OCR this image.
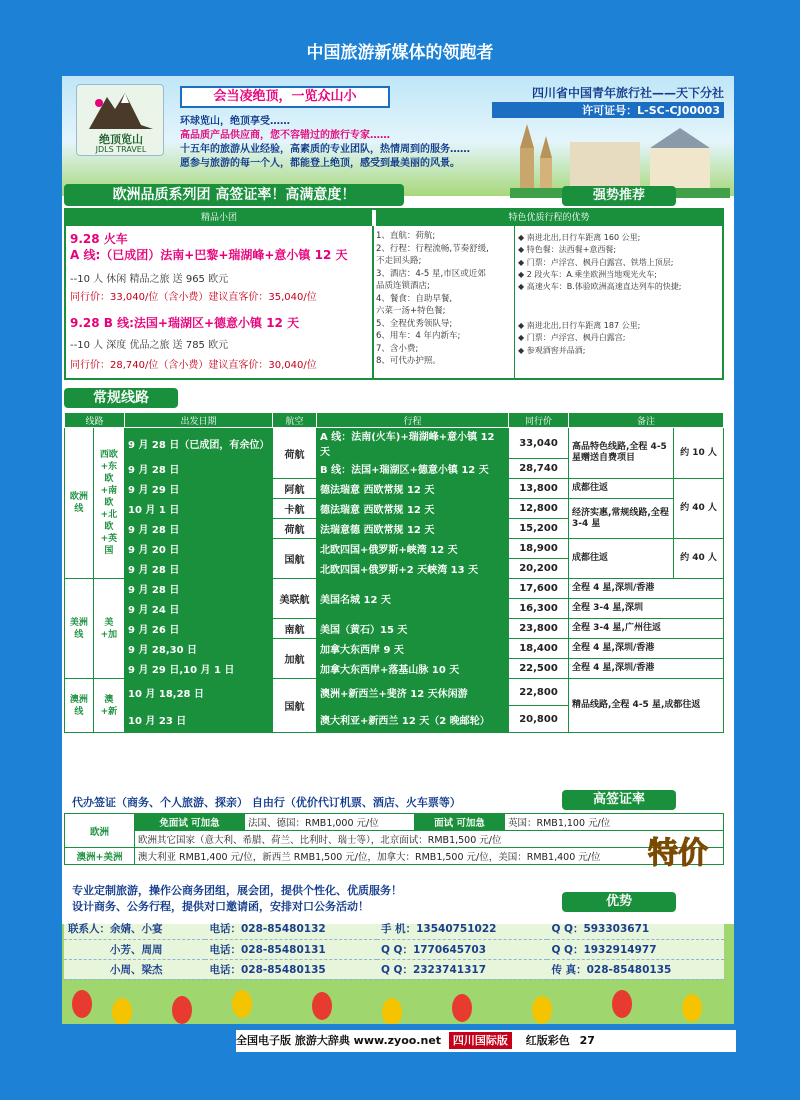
中国旅游新媒体的领跑者
绝顶览山
JDLS TRAVEL
会当凌绝顶，一览众山小	四川省中国青年旅行社——天下分社
许可证号：L-SC-CJ00003
环球览山，绝顶享受……
高品质产品供应商，您不容错过的旅行专家……
十五年的旅游从业经验，高素质的专业团队，热情周到的服务……
愿参与旅游的每一个人，都能登上绝顶，感受到最美丽的风景。
欧洲品质系列团 高签证率！高满意度！	强势推荐
精品小团	特色优质行程的优势
9.28 火车
A 线:（已成团）法南+巴黎+瑞湖峰+意小镇 12 天
--10 人 休闲 精品之旅 送 965 欧元
同行价：33,040/位（含小费）建议直客价：35,040/位
9.28 B 线:法国+瑞湖区+德意小镇 12 天
--10 人 深度 优品之旅 送 785 欧元
同行价：28,740/位（含小费）建议直客价：30,040/位
1、直航：荷航;
2、行程：行程流畅,节奏舒缓,
不走回头路;
3、酒店：4-5 星,市区或近郊
品质连锁酒店;
4、餐食：自助早餐,
六菜一汤+特色餐;
5、全程优秀领队导;
6、用车：4 年内新车;
7、含小费;
8、可代办护照。
◆ 南进北出,日行车距离 160 公里;
◆ 特色餐：法西餐+意西餐;
◆ 门票：卢浮宫、枫丹白露宫、铁塔上顶层;
◆ 2 段火车：A.乘坐欧洲当地观光火车;
◆ 高速火车：B.体验欧洲高速直达列车的快捷;
◆ 南进北出,日行车距离 187 公里;
◆ 门票：卢浮宫、枫丹白露宫;
◆ 参观酒窖并品酒;
常规线路
线路		出发日期	航空	行程	同行价	备注	
欧洲线	西欧+东欧+南欧+北欧+英国	9 月 28 日（已成团，有余位）	荷航	A 线：法南(火车)+瑞湖峰+意小镇 12 天	33,040	高品特色线路,全程 4-5 星赠送自费项目	约 10 人
		9 月 28 日		B 线：法国+瑞湖区+德意小镇 12 天	28,740		
		9 月 29 日	阿航	德法瑞意 西欧常规 12 天	13,800	成都往返	约 40 人
		10 月 1 日	卡航	德法瑞意 西欧常规 12 天	12,800	经济实惠,常规线路,全程 3-4 星	
		9 月 28 日	荷航	法瑞意德 西欧常规 12 天	15,200		
		9 月 20 日	国航	北欧四国+俄罗斯+峡湾 12 天	18,900	成都往返	约 40 人
		9 月 28 日		北欧四国+俄罗斯+2 天峡湾 13 天	20,200		
美洲线	美+加	9 月 28 日	美联航	美国名城 12 天	17,600	全程 4 星,深圳/香港	
		9 月 24 日			16,300	全程 3-4 星,深圳	
		9 月 26 日	南航	美国（黄石）15 天	23,800	全程 3-4 星,广州往返	
		9 月 28,30 日	加航	加拿大东西岸 9 天	18,400	全程 4 星,深圳/香港	
		9 月 29 日,10 月 1 日		加拿大东西岸+落基山脉 10 天	22,500	全程 4 星,深圳/香港	
澳洲线	澳+新	10 月 18,28 日	国航	澳洲+新西兰+斐济 12 天休闲游	22,800	精品线路,全程 4-5 星,成都往返	
		10 月 23 日		澳大利亚+新西兰 12 天（2 晚邮轮）	20,800		
代办签证（商务、个人旅游、探亲） 自由行（优价代订机票、酒店、火车票等）	高签证率
欧洲	免面试 可加急	法国、德国：RMB1,000 元/位	面试 可加急	英国：RMB1,100 元/位
	欧洲其它国家（意大利、希腊、荷兰、比利时、瑞士等），北京面试：RMB1,500 元/位			
澳洲+美洲	澳大利亚 RMB1,400 元/位，新西兰 RMB1,500 元/位，加拿大：RMB1,500 元/位，美国：RMB1,400 元/位			特价
专业定制旅游，操作公商务团组，展会团，提供个性化、优质服务！
设计商务、公务行程，提供对口邀请函，安排对口公务活动！	优势
联系人：余婧、小宴	电话：028-85480132	手 机：13540751022	Q Q：593303671
小芳、周周	电话：028-85480131	Q Q：1770645703	Q Q：1932914977
小周、梁杰	电话：028-85480135	Q Q：2323741317	传 真：028-85480135
全国电子版 旅游大辞典 www.zyoo.net 四川国际版 红版彩色 27
